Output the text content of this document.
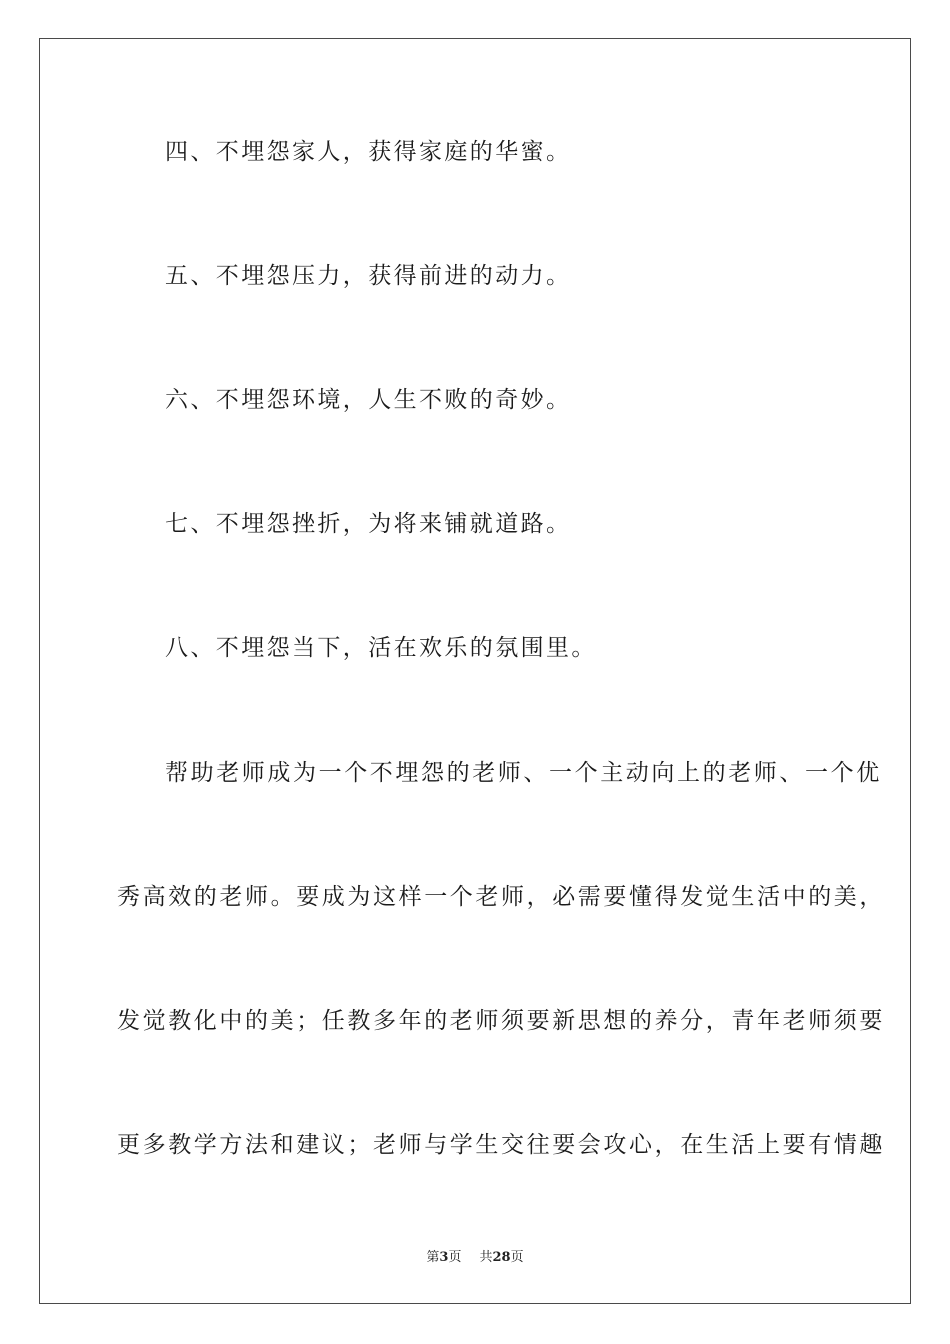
四、不埋怨家人，获得家庭的华蜜。
五、不埋怨压力，获得前进的动力。
六、不埋怨环境，人生不败的奇妙。
七、不埋怨挫折，为将来铺就道路。
八、不埋怨当下，活在欢乐的氛围里。
帮助老师成为一个不埋怨的老师、一个主动向上的老师、一个优
秀高效的老师。要成为这样一个老师，必需要懂得发觉生活中的美，
发觉教化中的美；任教多年的老师须要新思想的养分，青年老师须要
更多教学方法和建议；老师与学生交往要会攻心，在生活上要有情趣
第3页 共28页
